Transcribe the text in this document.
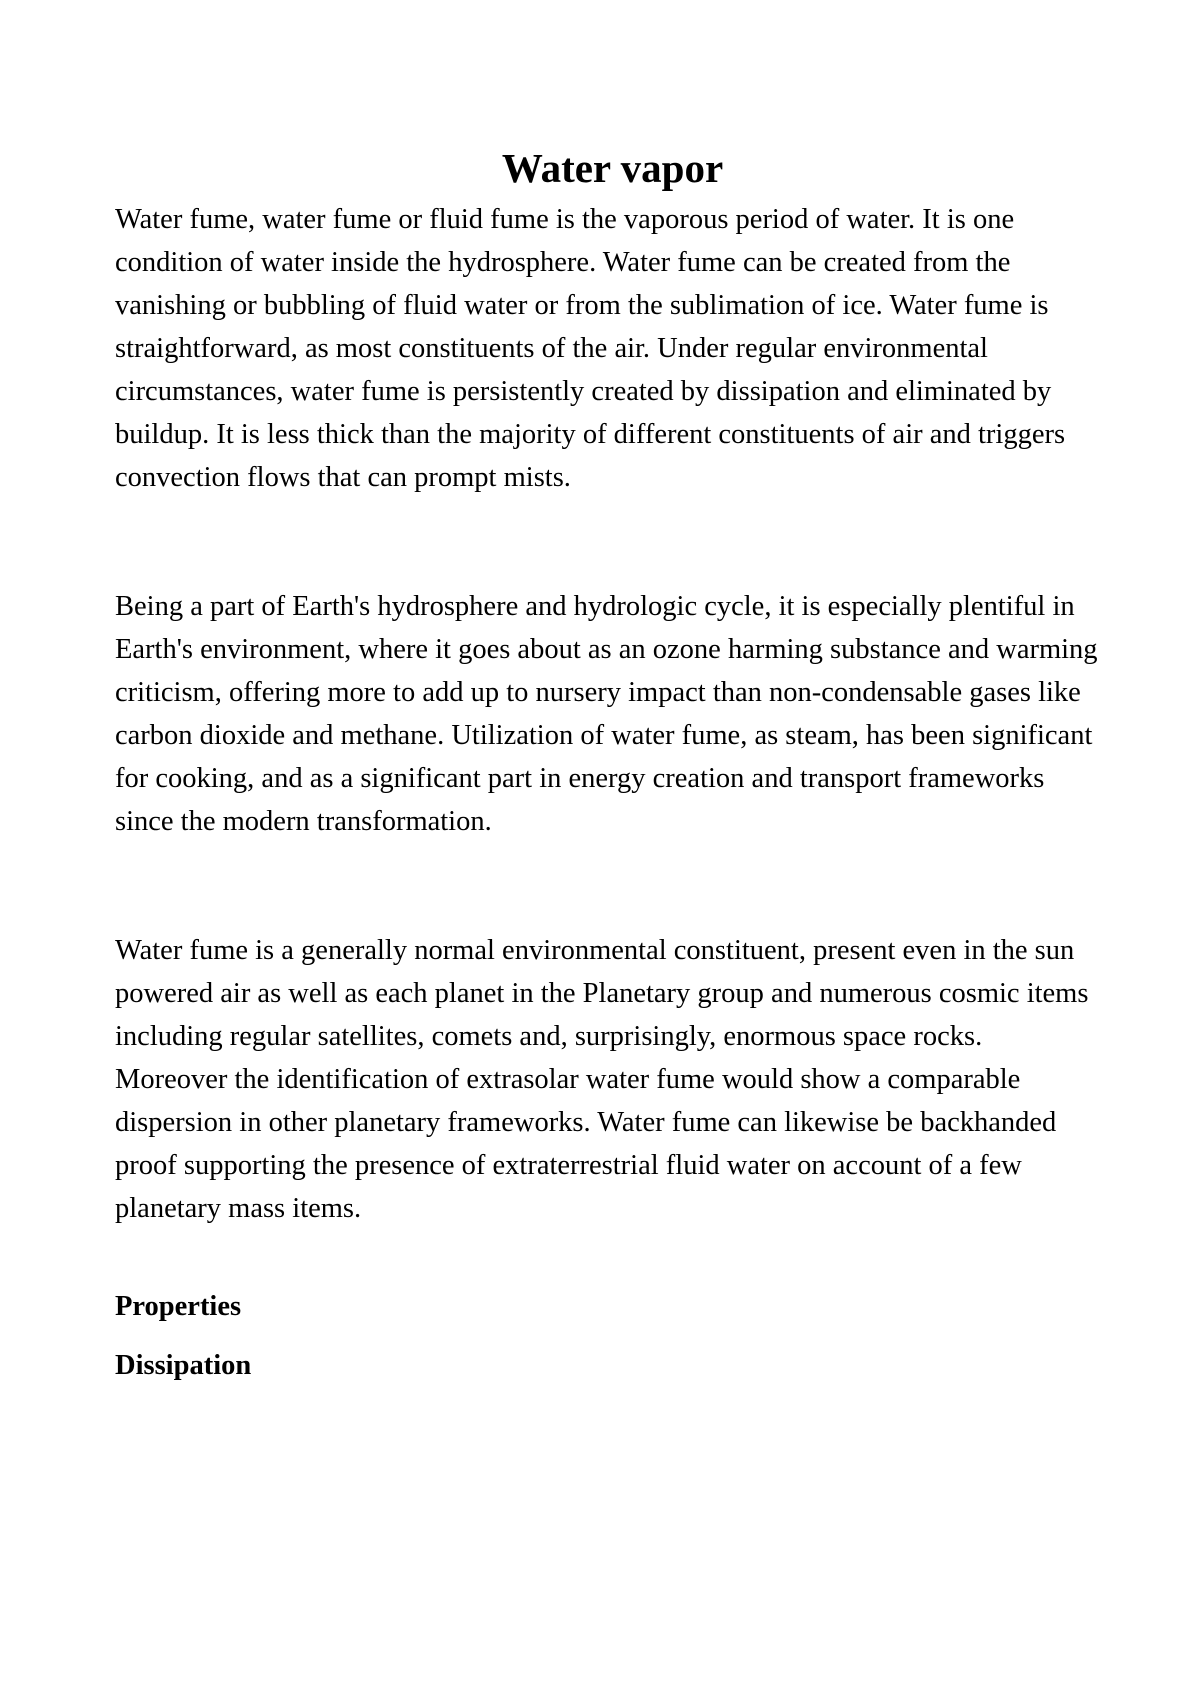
Water vapor

Water fume, water fume or fluid fume is the vaporous period of water. It is one condition of water inside the hydrosphere. Water fume can be created from the vanishing or bubbling of fluid water or from the sublimation of ice. Water fume is straightforward, as most constituents of the air. Under regular environmental circumstances, water fume is persistently created by dissipation and eliminated by buildup. It is less thick than the majority of different constituents of air and triggers convection flows that can prompt mists.

Being a part of Earth's hydrosphere and hydrologic cycle, it is especially plentiful in Earth's environment, where it goes about as an ozone harming substance and warming criticism, offering more to add up to nursery impact than non-condensable gases like carbon dioxide and methane. Utilization of water fume, as steam, has been significant for cooking, and as a significant part in energy creation and transport frameworks since the modern transformation.

Water fume is a generally normal environmental constituent, present even in the sun powered air as well as each planet in the Planetary group and numerous cosmic items including regular satellites, comets and, surprisingly, enormous space rocks. Moreover the identification of extrasolar water fume would show a comparable dispersion in other planetary frameworks. Water fume can likewise be backhanded proof supporting the presence of extraterrestrial fluid water on account of a few planetary mass items.

Properties
Dissipation
